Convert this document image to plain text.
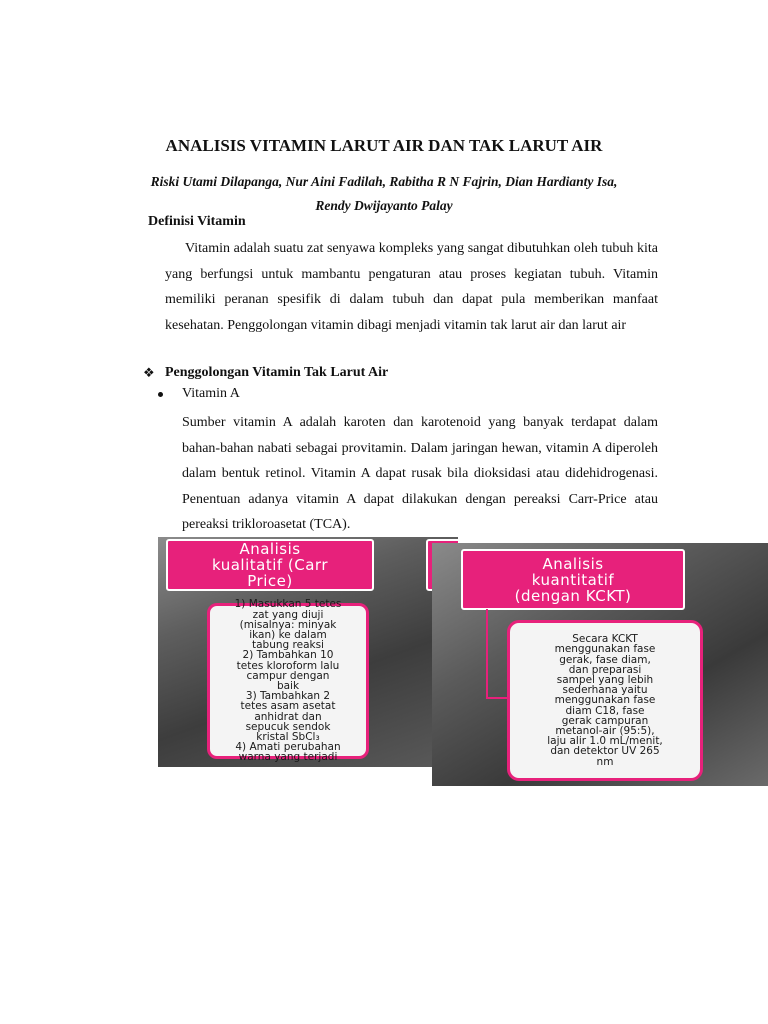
ANALISIS VITAMIN LARUT AIR DAN TAK LARUT AIR
Riski Utami Dilapanga, Nur Aini Fadilah, Rabitha R N Fajrin, Dian Hardianty Isa,
Rendy Dwijayanto Palay
Definisi Vitamin
Vitamin adalah suatu zat senyawa kompleks yang sangat dibutuhkan oleh tubuh kita yang berfungsi untuk mambantu pengaturan atau proses kegiatan tubuh. Vitamin memiliki peranan spesifik di dalam tubuh dan dapat pula memberikan manfaat kesehatan. Penggolongan vitamin dibagi menjadi vitamin tak larut air dan larut air
❖ Penggolongan Vitamin Tak Larut Air
Vitamin A
Sumber vitamin A adalah karoten dan karotenoid yang banyak terdapat dalam bahan-bahan nabati sebagai provitamin. Dalam jaringan hewan, vitamin A diperoleh dalam bentuk retinol. Vitamin A dapat rusak bila dioksidasi atau didehidrogenasi. Penentuan adanya vitamin A dapat dilakukan dengan pereaksi Carr-Price atau pereaksi trikloroasetat (TCA).
Analisis
kualitatif (Carr
Price)
1) Masukkan 5 tetes
zat yang diuji
(misalnya: minyak
ikan) ke dalam
tabung reaksi
2) Tambahkan 10
tetes kloroform lalu
campur dengan
baik
3) Tambahkan 2
tetes asam asetat
anhidrat dan
sepucuk sendok
kristal SbCl₃
4) Amati perubahan
warna yang terjadi
Analisis
kuantitatif
(dengan KCKT)
Secara KCKT
menggunakan fase
gerak, fase diam,
dan preparasi
sampel yang lebih
sederhana yaitu
menggunakan fase
diam C18, fase
gerak campuran
metanol-air (95:5),
laju alir 1.0 mL/menit,
dan detektor UV 265
nm
